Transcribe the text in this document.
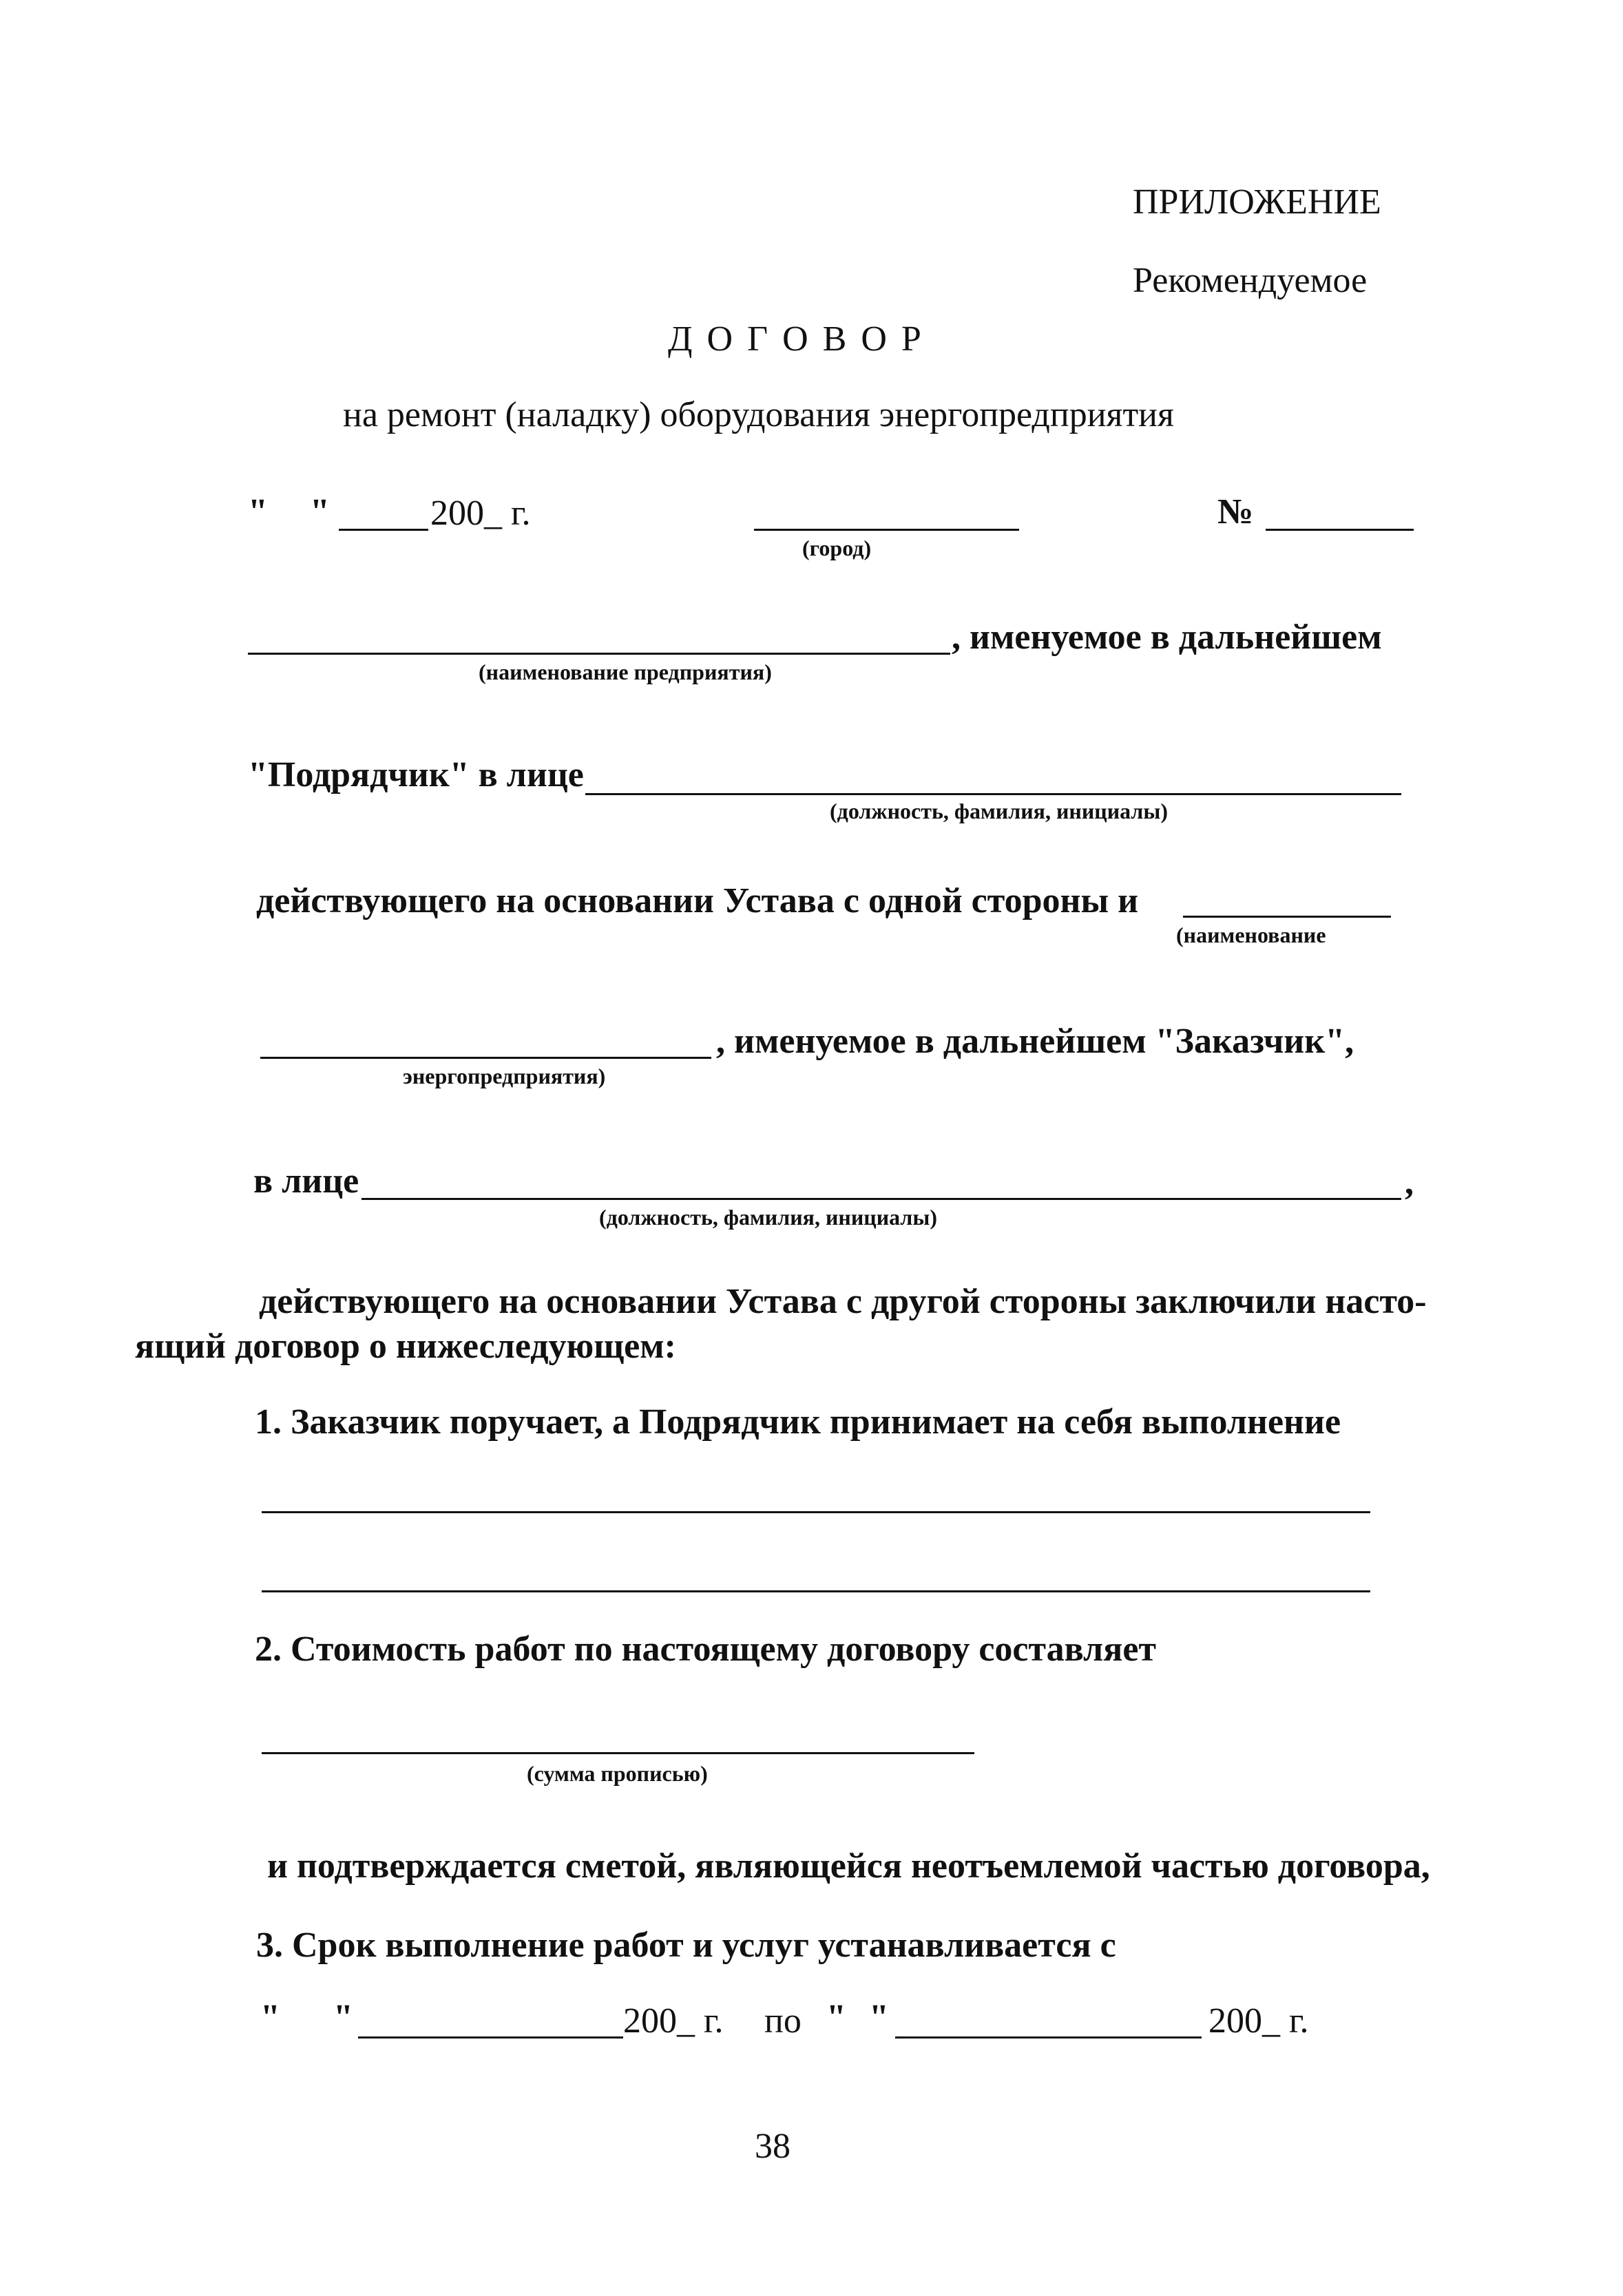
ПРИЛОЖЕНИЕ
Рекомендуемое
Д О Г О В О Р
на ремонт (наладку) оборудования энергопредприятия
" "	200_ г.
(город)
№
, именуемое в дальнейшем
(наименование предприятия)
"Подрядчик" в лице
(должность, фамилия, инициалы)
действующего на основании Устава с одной стороны и
(наименование
, именуемое в дальнейшем "Заказчик",
энергопредприятия)
в лице	,
(должность, фамилия, инициалы)
действующего на основании Устава с другой стороны заключили насто-
ящий договор о нижеследующем:
1. Заказчик поручает, а Подрядчик принимает на себя выполнение
2. Стоимость работ по настоящему договору составляет
(сумма прописью)
и подтверждается сметой, являющейся неотъемлемой частью договора,
3. Срок выполнение работ и услуг устанавливается с
" "	200_ г. по " "	200_ г.
38
